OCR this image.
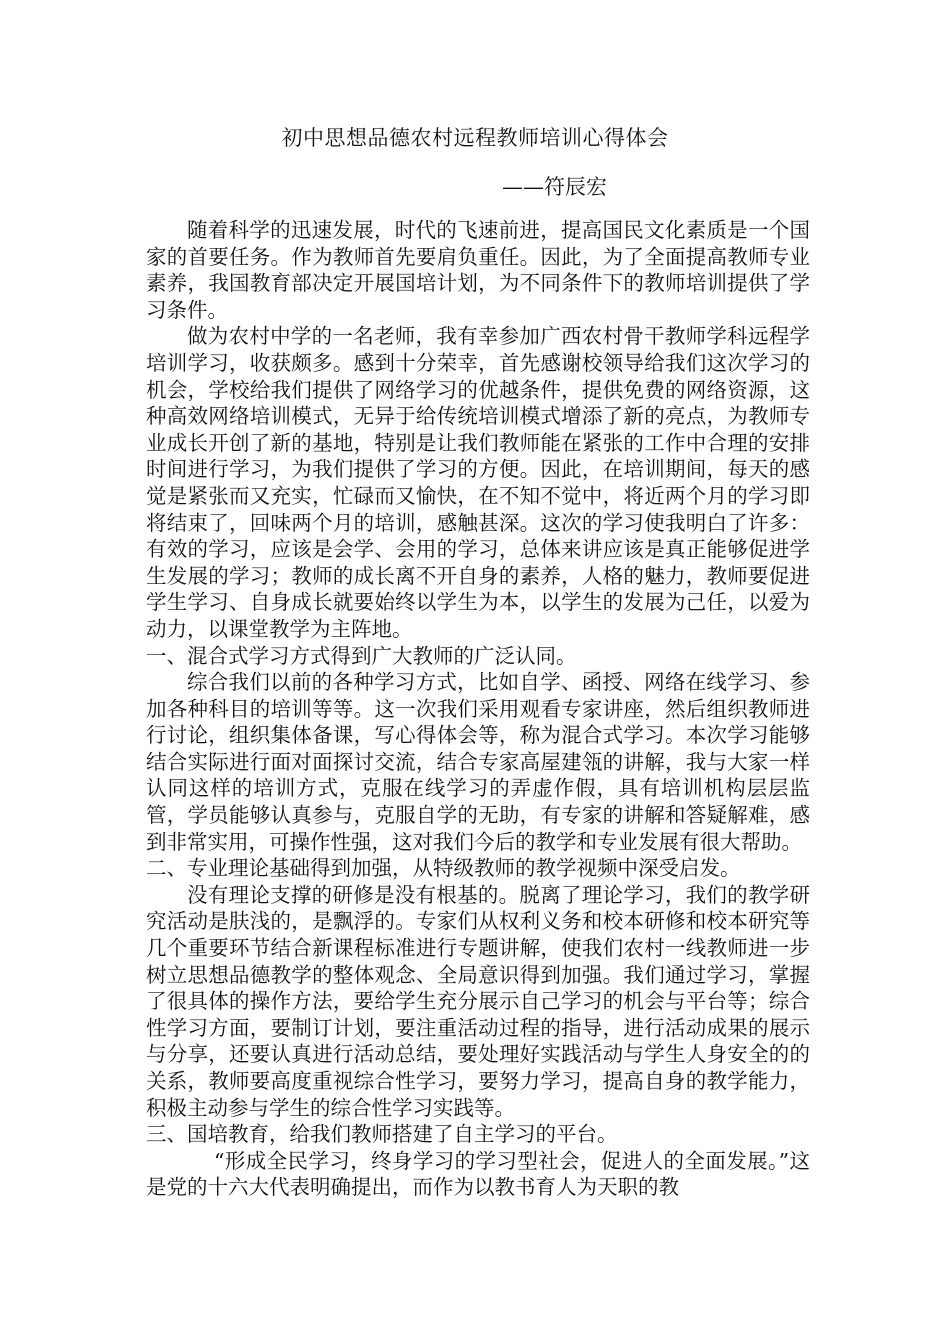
初中思想品德农村远程教师培训心得体会
——符辰宏

随着科学的迅速发展，时代的飞速前进，提高国民文化素质是一个国家的首要任务。作为教师首先要肩负重任。因此，为了全面提高教师专业素养，我国教育部决定开展国培计划，为不同条件下的教师培训提供了学习条件。

做为农村中学的一名老师，我有幸参加广西农村骨干教师学科远程学培训学习，收获颇多。感到十分荣幸，首先感谢校领导给我们这次学习的机会，学校给我们提供了网络学习的优越条件，提供免费的网络资源，这种高效网络培训模式，无异于给传统培训模式增添了新的亮点，为教师专业成长开创了新的基地，特别是让我们教师能在紧张的工作中合理的安排时间进行学习，为我们提供了学习的方便。因此，在培训期间，每天的感觉是紧张而又充实，忙碌而又愉快，在不知不觉中，将近两个月的学习即将结束了，回味两个月的培训，感触甚深。这次的学习使我明白了许多：有效的学习，应该是会学、会用的学习，总体来讲应该是真正能够促进学生发展的学习；教师的成长离不开自身的素养，人格的魅力，教师要促进学生学习、自身成长就要始终以学生为本，以学生的发展为己任，以爱为动力，以课堂教学为主阵地。

一、混合式学习方式得到广大教师的广泛认同。

综合我们以前的各种学习方式，比如自学、函授、网络在线学习、参加各种科目的培训等等。这一次我们采用观看专家讲座，然后组织教师进行讨论，组织集体备课，写心得体会等，称为混合式学习。本次学习能够结合实际进行面对面探讨交流，结合专家高屋建瓴的讲解，我与大家一样认同这样的培训方式，克服在线学习的弄虚作假，具有培训机构层层监管，学员能够认真参与，克服自学的无助，有专家的讲解和答疑解难，感到非常实用，可操作性强，这对我们今后的教学和专业发展有很大帮助。

二、专业理论基础得到加强，从特级教师的教学视频中深受启发。

没有理论支撑的研修是没有根基的。脱离了理论学习，我们的教学研究活动是肤浅的，是飘浮的。专家们从权利义务和校本研修和校本研究等几个重要环节结合新课程标准进行专题讲解，使我们农村一线教师进一步树立思想品德教学的整体观念、全局意识得到加强。我们通过学习，掌握了很具体的操作方法，要给学生充分展示自己学习的机会与平台等；综合性学习方面，要制订计划，要注重活动过程的指导，进行活动成果的展示与分享，还要认真进行活动总结，要处理好实践活动与学生人身安全的的关系，教师要高度重视综合性学习，要努力学习，提高自身的教学能力，积极主动参与学生的综合性学习实践等。

三、国培教育，给我们教师搭建了自主学习的平台。

“形成全民学习，终身学习的学习型社会，促进人的全面发展。”这是党的十六大代表明确提出，而作为以教书育人为天职的教
